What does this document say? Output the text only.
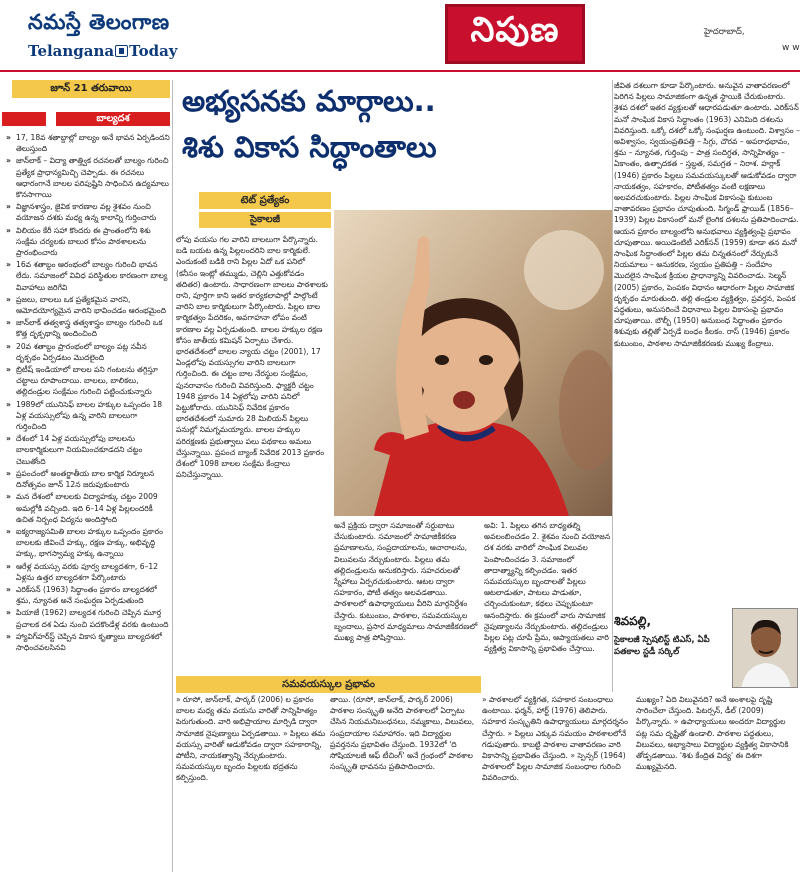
నమస్తే తెలంగాణ
Telangana Today
నిపుణ	హైదరాబాద్,
w w
జూన్ 21 తరువాయి
బాల్యదశ
» 17, 18వ శతాబ్దాల్లో బాల్యం అనే భావన ఏర్పడిందని తెలుస్తుంది
» జాన్‌లాక్ – విద్యా తాత్త్విక రచనలతో బాల్యం గురించి ప్రత్యేక ప్రాధాన్యమిచ్చి చెప్పాడు. ఈ రచనలు ఆధారంగానే బాలల పరిపుష్టిని సాధించిన ఉద్యమాలు కొనసాగాయి
» విజ్ఞానశాస్త్రం, జైవిక కారణాల వల్ల శైశవం నుంచి వయోజన దశకు మధ్య ఉన్న కాలాన్ని గుర్తించారు
» విలియం కేరీ సహా కొందరు ఈ ప్రాంతంలోని శిశు సంక్షేమ చర్యలకు బాలుర కోసం పాఠశాలలను ప్రారంభించారు
» 16వ శతాబ్దం ఆరంభంలో బాల్యం గురించి భావన లేదు. సమాజంలో వివిధ పరిస్థితుల కారణంగా బాల్య వివాహాలు జరిగేవి
» ప్రజలు, బాలలు ఒక ప్రత్యేకమైన వారని, ఆమోదయోగ్యమైన వారిని భావించడం ఆరంభమైంది
» జాన్‌లాక్ తత్వశాస్త్ర తత్వశాస్త్రం బాల్యం గురించి ఒక కొత్త దృక్పథాన్ని అందించింది
» 20వ శతాబ్దం ప్రారంభంలో బాల్యం పట్ల నవీన దృక్పథం ఏర్పడటం మొదలైంది
» బ్రిటీష్ ఇండియాలో బాలల పని గంటలను తగ్గిస్తూ చట్టాలు రూపొందాయి. బాలలు, బాలికలు, తల్లిదండ్రుల సంక్షేమం గురించి పట్టించుకున్నారు
» 1989లో యునిసెఫ్ బాలల హక్కుల ఒప్పందం 18 ఏళ్ల వయస్సులోపు ఉన్న వారిని బాలలుగా గుర్తించింది
» దేశంలో 14 ఏళ్ల వయస్సులోపు బాలలను బాలకార్మికులుగా నియమించకూడదని చట్టం చెబుతోంది
» ప్రపంచంలో అంతర్జాతీయ బాల కార్మిక నిర్మూలన దినోత్సవం జూన్ 12న జరుపుకుంటారు
» మన దేశంలో బాలలకు విద్యాహక్కు చట్టం 2009 అమల్లోకి వచ్చింది. ఇది 6–14 ఏళ్ల పిల్లలందరికీ ఉచిత నిర్బంధ విద్యను అందిస్తోంది
» ఐక్యరాజ్యసమితి బాలల హక్కుల ఒప్పందం ప్రకారం బాలలకు జీవించే హక్కు, రక్షణ హక్కు, అభివృద్ధి హక్కు, భాగస్వామ్య హక్కు ఉన్నాయి
» ఆరేళ్ల వయస్సు వరకు పూర్వ బాల్యదశగా, 6–12 ఏళ్లను ఉత్తర బాల్యదశగా పేర్కొంటారు
» ఎరిక్‌సన్ (1963) సిద్ధాంతం ప్రకారం బాల్యదశలో శ్రమ, న్యూనత అనే సంఘర్షణ ఏర్పడుతుంది
» పియాజే (1962) బాల్యదశ గురించి చెప్పిన మూర్త ప్రచాలక దశ ఏడు నుంచి పదకొండేళ్ల వరకు ఉంటుంది
» హ్యావిగ్‌హర్‌స్ట్ చెప్పిన వికాస కృత్యాలు బాల్యదశలో సాధించవలసినవి
అభ్యసనకు మార్గాలు..
శిశు వికాస సిద్ధాంతాలు
టెట్ ప్రత్యేకం
సైకాలజీ

లోపు వయసు గల వారిని బాలలుగా పేర్కొన్నారు. బడి బయట ఉన్న పిల్లలందరిని బాల కార్మికులే. ఎందుకంటే బడికి రాని పిల్లల ఏదో ఒక పనిలో (కనీసం ఇంట్లో తమ్ముడు, చెల్లిని ఎత్తుకోవడం తదితర) ఉంటారు. సాధారణంగా బాలలు పాఠశాలకు రాని, పూర్తిగా కాని ఇతర కార్యకలాపాల్లో పాల్గొంటే వారిని బాల కార్మికులుగా పేర్కొంటారు. పిల్లల బాల కార్మికత్వం పేదరికం, అవగాహనా లోపం వంటి కారణాల వల్ల ఏర్పడుతుంది. బాలల హక్కుల రక్షణ కోసం జాతీయ కమిషన్ ఏర్పాటు చేశారు. భారతదేశంలో బాలల న్యాయ చట్టం (2001), 17 ఏండ్లలోపు వయస్సుగల వారిని బాలలుగా గుర్తించింది. ఈ చట్టం బాల నేరస్థుల సంక్షేమం, పునరావాసం గురించి వివరిస్తుంది. ఫ్యాక్టరీ చట్టం 1948 ప్రకారం 14 ఏళ్లలోపు వారిని పనిలో పెట్టుకోరాదు. యునిసెఫ్ నివేదిక ప్రకారం భారతదేశంలో సుమారు 28 మిలియన్ పిల్లలు పనుల్లో నిమగ్నమయ్యారు. బాలల హక్కుల పరిరక్షణకు ప్రభుత్వాలు పలు పథకాలు అమలు చేస్తున్నాయి. ప్రపంచ బ్యాంక్ నివేదిక 2013 ప్రకారం దేశంలో 1098 బాలల సంక్షేమ కేంద్రాలు పనిచేస్తున్నాయి.

అనే ప్రక్రియ ద్వారా సమాజంతో సర్దుబాటు చేసుకుంటారు. సమాజంలో సామాజికీకరణ ప్రమాణాలను, సంప్రదాయాలను, ఆచారాలను, విలువలను నేర్చుకుంటారు. పిల్లలు తమ తల్లిదండ్రులను అనుకరిస్తారు. సహచరులతో స్నేహాలు ఏర్పరచుకుంటారు. ఆటల ద్వారా సహకారం, పోటీ తత్వం అలవడతాయి. పాఠశాలలో ఉపాధ్యాయులు వీరిని మార్గనిర్దేశం చేస్తారు. కుటుంబం, పాఠశాల, సమవయస్కుల బృందాలు, ప్రసార మాధ్యమాలు సామాజికీకరణలో ముఖ్య పాత్ర పోషిస్తాయి.

అవి: 1. పిల్లలు తగిన బాధ్యతల్ని అవలంబించడం 2. శైశవం నుంచి వయోజన దశ వరకు వారిలో సాంఘిక విలువల పెంపొందించడం 3. సమాజంలో తాదాత్మ్యాన్ని కల్పించడం. ఇతర సమవయస్కుల బృందాలతో పిల్లలు ఆటలాడుతూ, పాటలు పాడుతూ, చర్చించుకుంటూ, కథలు చెప్పుకుంటూ ఆనందిస్తారు. ఈ క్రమంలో వారు సామాజిక నైపుణ్యాలను నేర్చుకుంటారు. తల్లిదండ్రులు పిల్లల పట్ల చూపే ప్రేమ, ఆప్యాయతలు వారి వ్యక్తిత్వ వికాసాన్ని ప్రభావితం చేస్తాయి.

జీవిత దశలుగా కూడా పేర్కొంటారు. అనువైన వాతావరణంలో పెరిగిన పిల్లలు సామాజికంగా ఉన్నత స్థాయికి చేరుకుంటారు. శైశవ దశలో ఇతర వ్యక్తులతో ఆధారపడుతూ ఉంటారు. ఎరిక్‌సన్ మనో సాంఘిక వికాస సిద్ధాంతం (1963) ఎనిమిది దశలను వివరిస్తుంది. ఒక్కో దశలో ఒక్కో సంఘర్షణ ఉంటుంది. విశ్వాసం – అవిశ్వాసం, స్వయంప్రతిపత్తి – సిగ్గు, చొరవ – అపరాధభావం, శ్రమ – న్యూనత, గుర్తింపు – పాత్ర సందిగ్ధత, సాన్నిహిత్యం – ఏకాంతం, ఉత్పాదకత – స్తబ్ధత, సమగ్రత – నిరాశ. హర్లాక్ (1946) ప్రకారం పిల్లలు సమవయస్కులతో ఆడుకోవడం ద్వారా నాయకత్వం, సహకారం, పోటీతత్వం వంటి లక్షణాలు అలవరచుకుంటారు. పిల్లల సాంఘిక వికాసంపై కుటుంబ వాతావరణం ప్రభావం చూపుతుంది. సిగ్మండ్ ఫ్రాయిడ్ (1856–1939) పిల్లల వికాసంలో మనో లైంగిక దశలను ప్రతిపాదించాడు. ఆయన ప్రకారం బాల్యంలోని అనుభవాలు వ్యక్తిత్వంపై ప్రభావం చూపుతాయి. అయిడెంటిటీ ఎరిక్‌సన్ (1959) కూడా తన మనో సాంఘిక సిద్ధాంతంలో పిల్లల తమ చిన్నతనంలో నేర్చుకునే నియమాలు – అనుకరణ, స్వయం ప్రతిపత్తి – సందేహం మొదలైన సాంఘిక క్రియల ప్రాధాన్యాన్ని వివరించాడు. సెల్మన్ (2005) ప్రకారం, పెంపకం విధానం ఆధారంగా పిల్లల సామాజిక దృక్పథం మారుతుంది. తల్లి తండ్రుల వ్యక్తిత్వం, ప్రవర్తన, పెంపక పద్ధతులు, అనుసరించే విధానాలు పిల్లల వికాసంపై ప్రభావం చూపుతాయి. బౌల్బీ (1950) అనుబంధ సిద్ధాంతం ప్రకారం శిశువుకు తల్లితో ఏర్పడే బంధం కీలకం. రాస్ (1946) ప్రకారం కుటుంబం, పాఠశాల సామాజికీకరణకు ముఖ్య కేంద్రాలు.

శివపల్లి,
సైకాలజీ స్పెషలిస్ట్ టిఎస్, ఏపీ పతకాల స్టడీ సర్కిల్
సమవయస్కుల ప్రభావం

» రూసో, జాన్‌లాక్, పార్కర్ (2006) ల ప్రకారం బాలల మధ్య తమ వయసు వారితో సాన్నిహిత్యం పెరుగుతుంది. వారి అభిప్రాయాల మార్పిడి ద్వారా సామాజిక నైపుణ్యాలు ఏర్పడతాయి. » పిల్లలు తమ వయస్సు వారితో ఆడుకోవడం ద్వారా సహకారాన్ని, పోటీని, నాయకత్వాన్ని నేర్చుకుంటారు. సమవయస్కుల బృందం పిల్లలకు భద్రతను కల్పిస్తుంది.

తాయి. (రూసో, జాన్‌లాక్, పార్కర్ 2006) పాఠశాల సంస్కృతి అనేది పాఠశాలలో ఏర్పాటు చేసిన నియమనిబంధనలు, నమ్మకాలు, విలువలు, సంప్రదాయాల సమాహారం. ఇది విద్యార్థుల ప్రవర్తనను ప్రభావితం చేస్తుంది. 1932లో 'ది సోషియాలజీ ఆఫ్ టీచింగ్' అనే గ్రంథంలో పాఠశాల సంస్కృతి భావనను ప్రతిపాదించారు.

» పాఠశాలలో వ్యక్తిగత, సహకార సంబంధాలు ఉంటాయి. ఫర్మన్, హార్ట్ (1976) తెలిపారు. సహకార సంస్కృతిని ఉపాధ్యాయులు మార్గదర్శనం చేస్తారు. » పిల్లలు ఎక్కువ సమయం పాఠశాలలోనే గడుపుతారు. కాబట్టి పాఠశాల వాతావరణం వారి వికాసాన్ని ప్రభావితం చేస్తుంది. » స్పెన్సర్ (1964) పాఠశాలలో పిల్లల సామాజిక సంబంధాల గురించి వివరించారు.

ముఖ్యం? ఏది విలువైనది? అనే అంశాలపై దృష్టి సారించేలా చేస్తుంది. పిటర్సన్, డీల్ (2009) పేర్కొన్నారు. » ఉపాధ్యాయులు అందరూ విద్యార్థుల పట్ల సమ దృష్టితో ఉండాలి. పాఠశాల పద్ధతులు, విలువలు, అభ్యాసాలు విద్యార్థుల వ్యక్తిత్వ వికాసానికి తోడ్పడతాయి. 'శిశు కేంద్రిత విద్య' ఈ దిశగా ముఖ్యమైనది.
